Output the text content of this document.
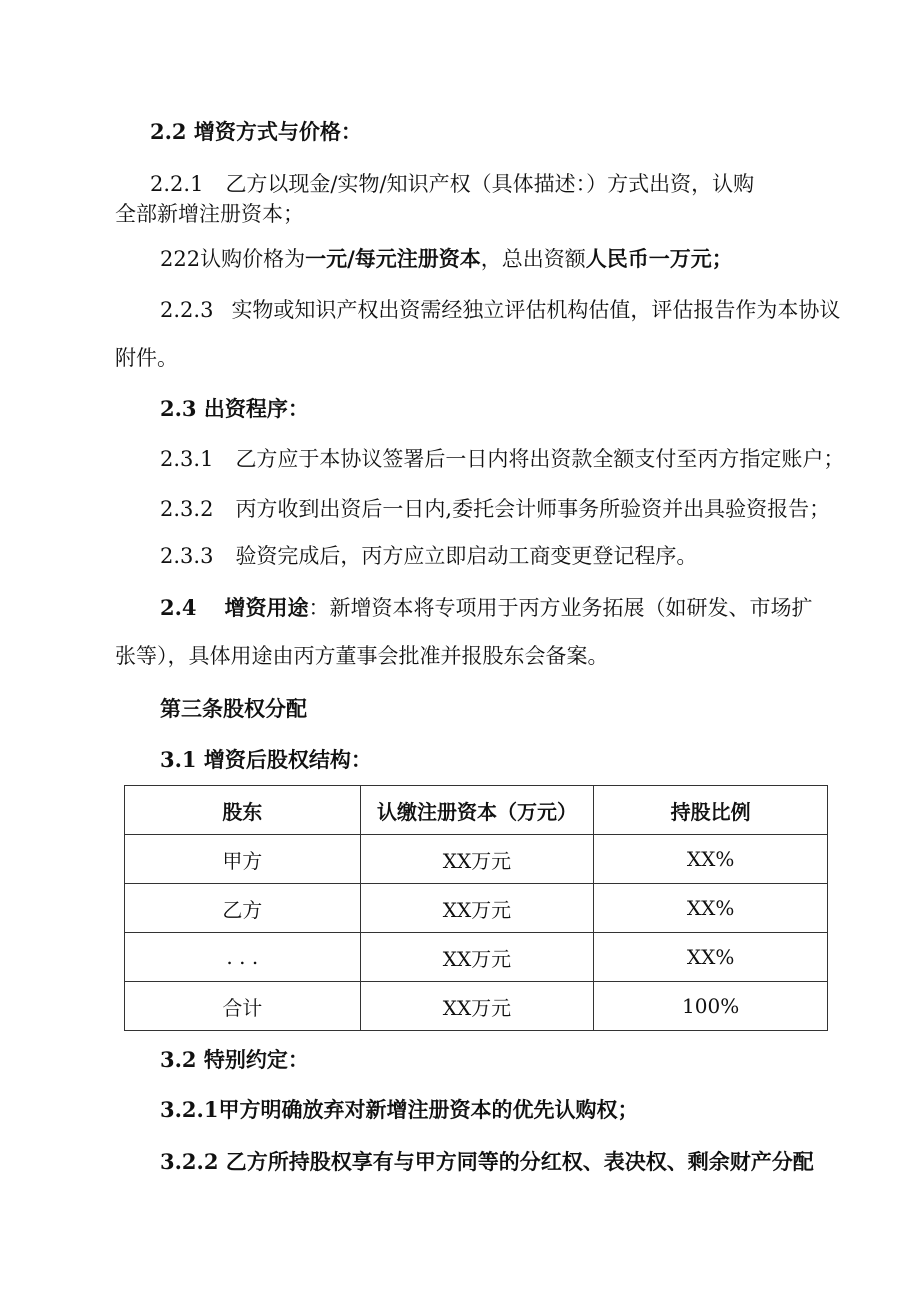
2.2 增资方式与价格：
2.2.1 乙方以现金/实物/知识产权（具体描述：）方式出资，认购
全部新增注册资本；
222认购价格为一元/每元注册资本，总出资额人民币一万元；
2.2.3 实物或知识产权出资需经独立评估机构估值，评估报告作为本协议
附件。
2.3 出资程序：
2.3.1 乙方应于本协议签署后一日内将出资款全额支付至丙方指定账户；
2.3.2 丙方收到出资后一日内,委托会计师事务所验资并出具验资报告；
2.3.3 验资完成后，丙方应立即启动工商变更登记程序。
2.4 增资用途：新增资本将专项用于丙方业务拓展（如研发、市场扩
张等），具体用途由丙方董事会批准并报股东会备案。
第三条股权分配
3.1 增资后股权结构：
股东	认缴注册资本（万元）	持股比例
甲方	XX万元	XX%
乙方	XX万元	XX%
. . .	XX万元	XX%
合计	XX万元	100%
3.2 特别约定：
3.2.1甲方明确放弃对新增注册资本的优先认购权；
3.2.2 乙方所持股权享有与甲方同等的分红权、表决权、剩余财产分配
